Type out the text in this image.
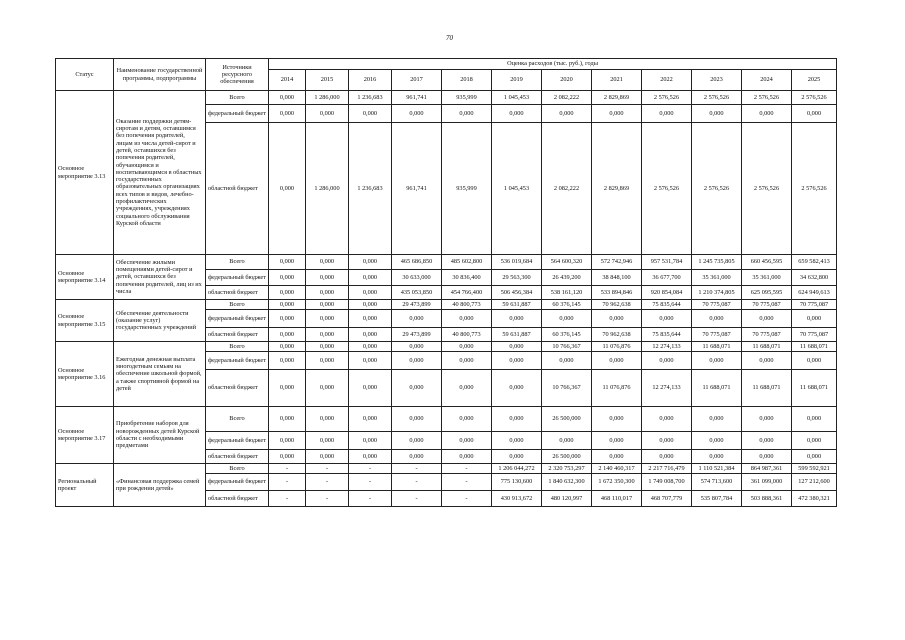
70
Статус	Наименование государственной программы, подпрограммы	Источники ресурсного обеспечения	Оценка расходов (тыс. руб.), годы											
			2014	2015	2016	2017	2018	2019	2020	2021	2022	2023	2024	2025
Основное мероприятие 3.13	Оказание поддержки детям-сиротам и детям, оставшимся без попечения родителей, лицам из числа детей-сирот и детей, оставшихся без попечения родителей, обучающимся и воспитывающимся в областных государственных образовательных организациях всех типов и видов, лечебно-профилактических учреждениях, учреждениях социального обслуживания Курской области	Всего	0,000	1 286,000	1 236,683	961,741	935,999	1 045,453	2 082,222	2 829,869	2 576,526	2 576,526	2 576,526	2 576,526
		федеральный бюджет	0,000	0,000	0,000	0,000	0,000	0,000	0,000	0,000	0,000	0,000	0,000	0,000
		областной бюджет	0,000	1 286,000	1 236,683	961,741	935,999	1 045,453	2 082,222	2 829,869	2 576,526	2 576,526	2 576,526	2 576,526
Основное мероприятие 3.14	Обеспечение жилыми помещениями детей-сирот и детей, оставшихся без попечения родителей, лиц из их числа	Всего	0,000	0,000	0,000	465 686,850	485 602,800	536 019,684	564 600,320	572 742,946	957 531,784	1 245 735,805	660 456,595	659 582,413
		федеральный бюджет	0,000	0,000	0,000	30 633,000	30 836,400	29 563,300	26 439,200	38 848,100	36 677,700	35 361,000	35 361,000	34 632,800
		областной бюджет	0,000	0,000	0,000	435 053,850	454 766,400	506 456,384	538 161,120	533 894,846	920 854,084	1 210 374,805	625 095,595	624 949,613
Основное мероприятие 3.15	Обеспечение деятельности (оказание услуг) государственных учреждений	Всего	0,000	0,000	0,000	29 473,899	40 800,773	59 631,887	60 376,145	70 962,638	75 835,644	70 775,087	70 775,087	70 775,087
		федеральный бюджет	0,000	0,000	0,000	0,000	0,000	0,000	0,000	0,000	0,000	0,000	0,000	0,000
		областной бюджет	0,000	0,000	0,000	29 473,899	40 800,773	59 631,887	60 376,145	70 962,638	75 835,644	70 775,087	70 775,087	70 775,087
Основное мероприятие 3.16	Ежегодная денежная выплата многодетным семьям на обеспечение школьной формой, а также спортивной формой на детей	Всего	0,000	0,000	0,000	0,000	0,000	0,000	10 766,367	11 076,876	12 274,133	11 688,071	11 688,071	11 688,071
		федеральный бюджет	0,000	0,000	0,000	0,000	0,000	0,000	0,000	0,000	0,000	0,000	0,000	0,000
		областной бюджет	0,000	0,000	0,000	0,000	0,000	0,000	10 766,367	11 076,876	12 274,133	11 688,071	11 688,071	11 688,071
Основное мероприятие 3.17	Приобретение наборов для новорожденных детей Курской области с необходимыми предметами	Всего	0,000	0,000	0,000	0,000	0,000	0,000	26 500,000	0,000	0,000	0,000	0,000	0,000
		федеральный бюджет	0,000	0,000	0,000	0,000	0,000	0,000	0,000	0,000	0,000	0,000	0,000	0,000
		областной бюджет	0,000	0,000	0,000	0,000	0,000	0,000	26 500,000	0,000	0,000	0,000	0,000	0,000
Региональный проект	«Финансовая поддержка семей при рождении детей»	Всего	-	-	-	-	-	1 206 044,272	2 320 753,297	2 140 460,317	2 217 716,479	1 110 521,384	864 987,361	599 592,921
		федеральный бюджет	-	-	-	-	-	775 130,600	1 840 632,300	1 672 350,300	1 749 008,700	574 713,600	361 099,000	127 212,600
		областной бюджет	-	-	-	-	-	430 913,672	480 120,997	468 110,017	468 707,779	535 807,784	503 888,361	472 380,321
